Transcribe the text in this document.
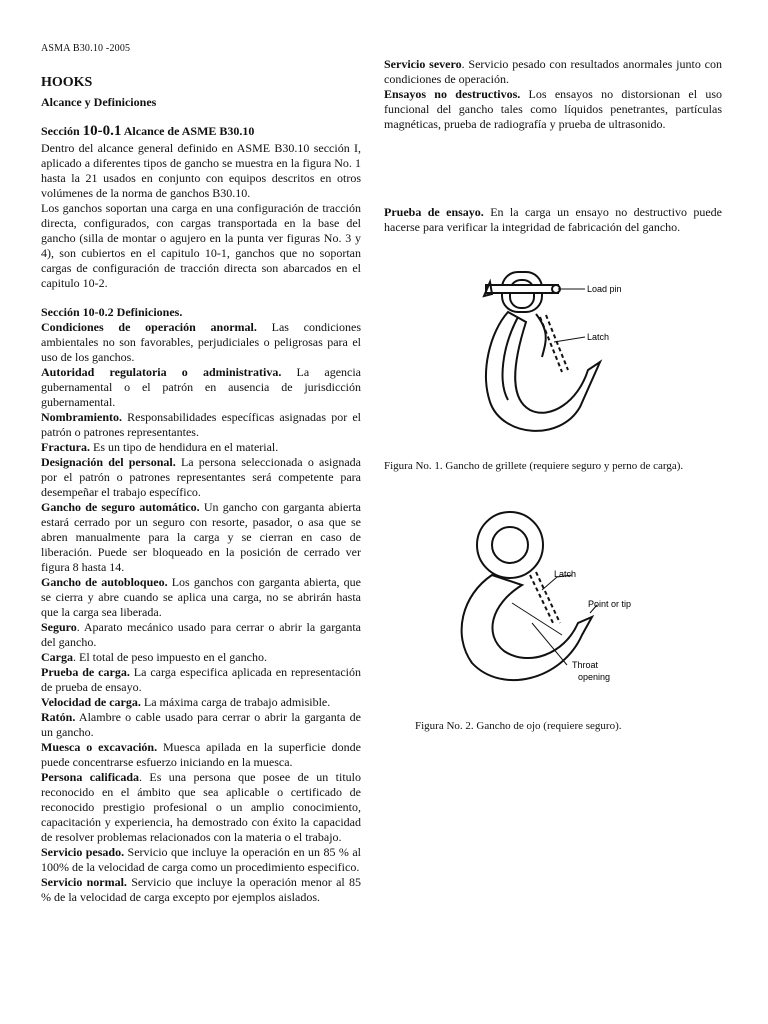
ASMA B30.10 -2005
HOOKS
Alcance y Definiciones
Sección 10-0.1 Alcance de ASME B30.10

Dentro del alcance general definido en ASME B30.10 sección I, aplicado a diferentes tipos de gancho se muestra en la figura No. 1 hasta la 21 usados en conjunto con equipos descritos en otros volúmenes de la norma de ganchos B30.10.

Los ganchos soportan una carga en una configuración de tracción directa, configurados, con cargas transportada en la base del gancho (silla de montar o agujero en la punta ver figuras No. 3 y 4), son cubiertos en el capitulo 10-1, ganchos que no soportan cargas de configuración de tracción directa son abarcados en el capitulo 10-2.

Sección 10-0.2 Definiciones.

Condiciones de operación anormal. Las condiciones ambientales no son favorables, perjudiciales o peligrosas para el uso de los ganchos.

Autoridad regulatoria o administrativa. La agencia gubernamental o el patrón en ausencia de jurisdicción gubernamental.

Nombramiento. Responsabilidades específicas asignadas por el patrón o patrones representantes.

Fractura. Es un tipo de hendidura en el material.

Designación del personal. La persona seleccionada o asignada por el patrón o patrones representantes será competente para desempeñar el trabajo específico.

Gancho de seguro automático. Un gancho con garganta abierta estará cerrado por un seguro con resorte, pasador, o asa que se abren manualmente para la carga y se cierran en caso de liberación. Puede ser bloqueado en la posición de cerrado ver figura 8 hasta 14.

Gancho de autobloqueo. Los ganchos con garganta abierta, que se cierra y abre cuando se aplica una carga, no se abrirán hasta que la carga sea liberada.

Seguro. Aparato mecánico usado para cerrar o abrir la garganta del gancho.

Carga. El total de peso impuesto en el gancho.

Prueba de carga. La carga especifica aplicada en representación de prueba de ensayo.

Velocidad de carga. La máxima carga de trabajo admisible.

Ratón. Alambre o cable usado para cerrar o abrir la garganta de un gancho.

Muesca o excavación. Muesca apilada en la superficie donde puede concentrarse esfuerzo iniciando en la muesca.

Persona calificada. Es una persona que posee de un titulo reconocido en el ámbito que sea aplicable o certificado de reconocido prestigio profesional o un amplio conocimiento, capacitación y experiencia, ha demostrado con éxito la capacidad de resolver problemas relacionados con la materia o el trabajo.

Servicio pesado. Servicio que incluye la operación en un 85 % al 100% de la velocidad de carga como un procedimiento especifico.

Servicio normal. Servicio que incluye la operación menor al 85 % de la velocidad de carga excepto por ejemplos aislados.

Servicio severo. Servicio pesado con resultados anormales junto con condiciones de operación.

Ensayos no destructivos. Los ensayos no distorsionan el uso funcional del gancho tales como líquidos penetrantes, partículas magnéticas, prueba de radiografía y prueba de ultrasonido.

Prueba de ensayo. En la carga un ensayo no destructivo puede hacerse para verificar la integridad de fabricación del gancho.

Load pin
Latch

Figura No. 1. Gancho de grillete (requiere seguro y perno de carga).

Latch
Point or tip
Throat
opening

Figura No. 2. Gancho de ojo (requiere seguro).
